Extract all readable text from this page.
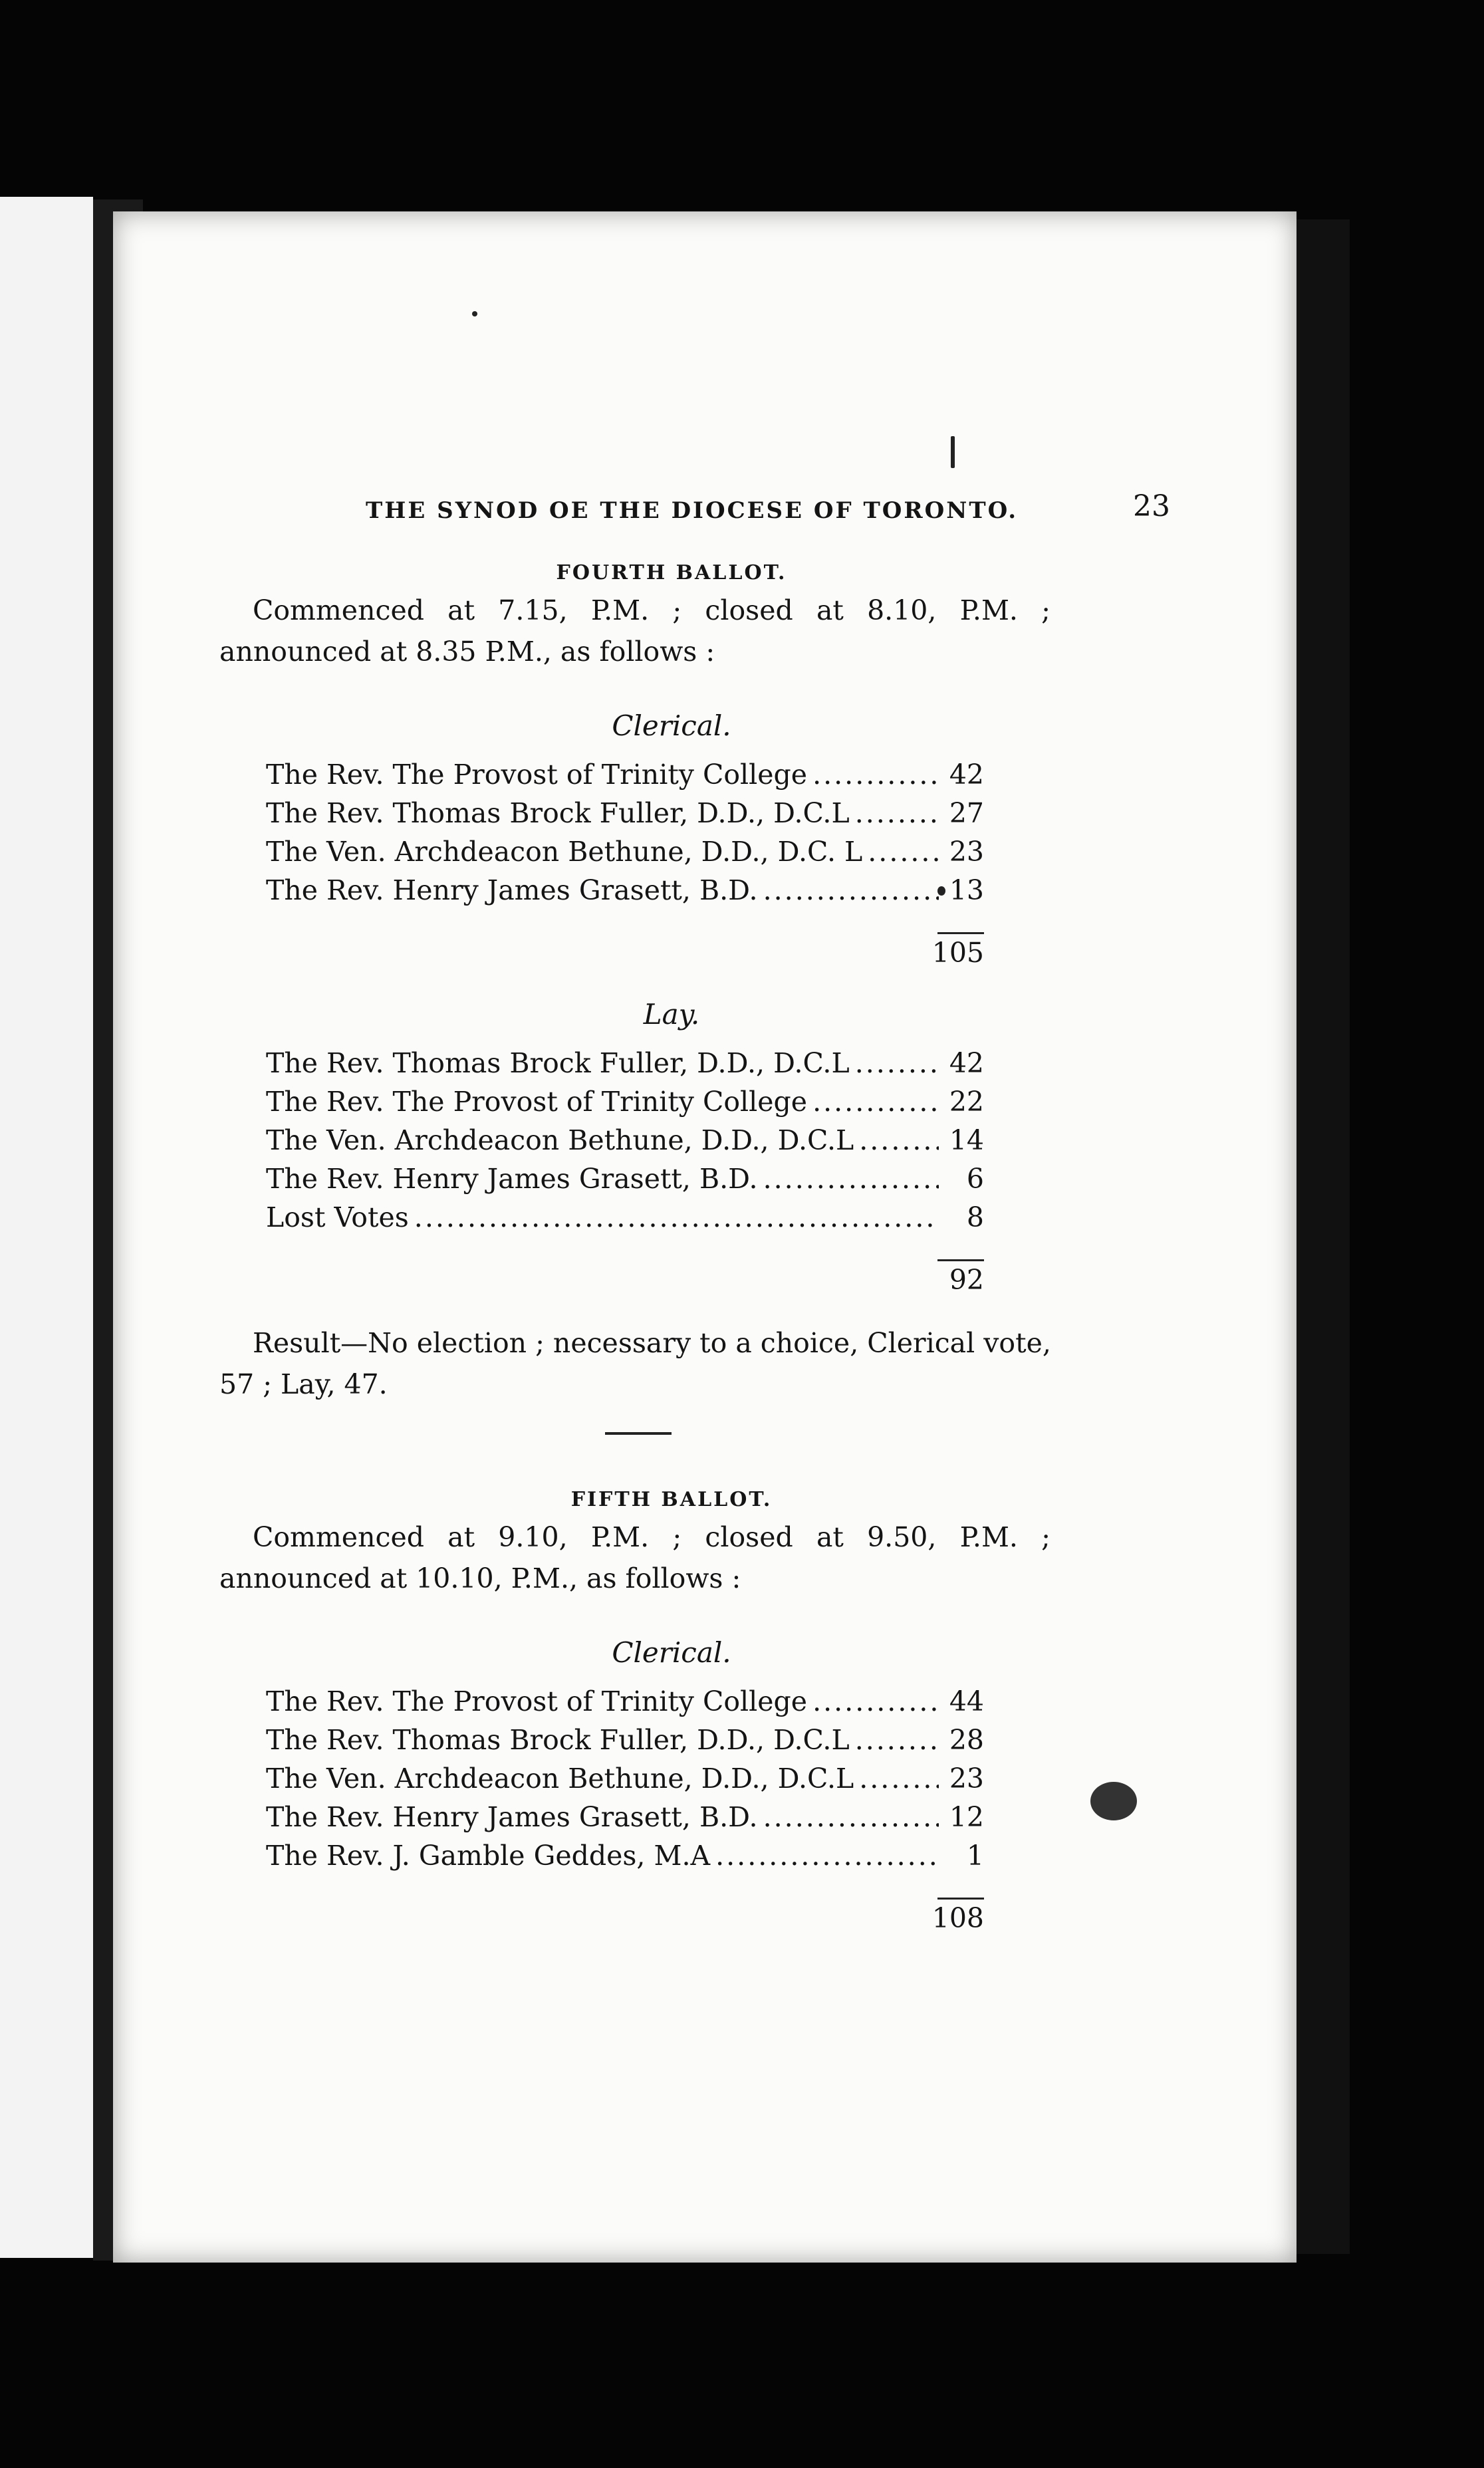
THE SYNOD OE THE DIOCESE OF TORONTO.	23
FOURTH BALLOT.

Commenced at 7.15, P.M. ; closed at 8.10, P.M. ; announced at 8.35 P.M., as follows :

Clerical.
The Rev. The Provost of Trinity College .....	42
The Rev. Thomas Brock Fuller, D.D., D.C.L .....	27
The Ven. Archdeacon Bethune, D.D., D.C. L .....	23
The Rev. Henry James Grasett, B.D. .....	13
105
Lay.
The Rev. Thomas Brock Fuller, D.D., D.C.L .....	42
The Rev. The Provost of Trinity College .....	22
The Ven. Archdeacon Bethune, D.D., D.C.L .....	14
The Rev. Henry James Grasett, B.D. .....	6
Lost Votes .....	8
92

Result—No election ; necessary to a choice, Clerical vote, 57 ; Lay, 47.

FIFTH BALLOT.

Commenced at 9.10, P.M. ; closed at 9.50, P.M. ; announced at 10.10, P.M., as follows :

Clerical.
The Rev. The Provost of Trinity College .....	44
The Rev. Thomas Brock Fuller, D.D., D.C.L .....	28
The Ven. Archdeacon Bethune, D.D., D.C.L .....	23
The Rev. Henry James Grasett, B.D. .....	12
The Rev. J. Gamble Geddes, M.A .....	1
108
